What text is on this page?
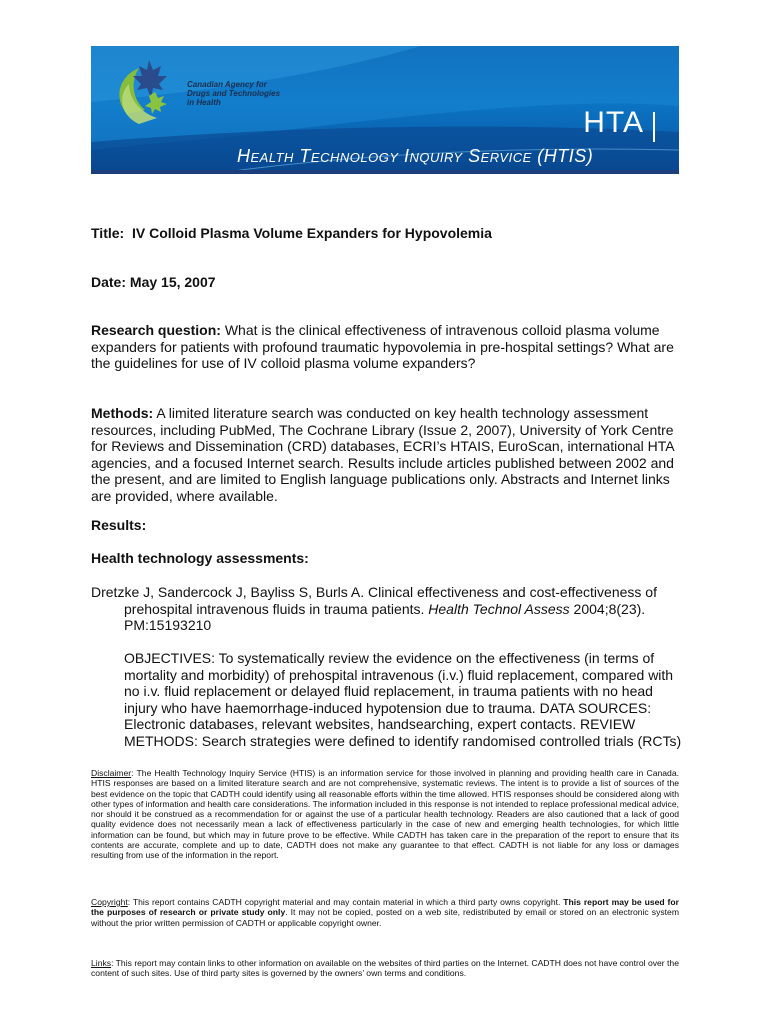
Canadian Agency for
Drugs and Technologies
in Health
HTA
Health Technology Inquiry Service (HTIS)
Title: IV Colloid Plasma Volume Expanders for Hypovolemia
Date: May 15, 2007
Research question: What is the clinical effectiveness of intravenous colloid plasma volume expanders for patients with profound traumatic hypovolemia in pre-hospital settings? What are the guidelines for use of IV colloid plasma volume expanders?
Methods: A limited literature search was conducted on key health technology assessment resources, including PubMed, The Cochrane Library (Issue 2, 2007), University of York Centre for Reviews and Dissemination (CRD) databases, ECRI’s HTAIS, EuroScan, international HTA agencies, and a focused Internet search. Results include articles published between 2002 and the present, and are limited to English language publications only. Abstracts and Internet links are provided, where available.
Results:
Health technology assessments:
Dretzke J, Sandercock J, Bayliss S, Burls A. Clinical effectiveness and cost-effectiveness of
prehospital intravenous fluids in trauma patients. Health Technol Assess 2004;8(23).
PM:15193210
OBJECTIVES: To systematically review the evidence on the effectiveness (in terms of mortality and morbidity) of prehospital intravenous (i.v.) fluid replacement, compared with no i.v. fluid replacement or delayed fluid replacement, in trauma patients with no head injury who have haemorrhage-induced hypotension due to trauma. DATA SOURCES: Electronic databases, relevant websites, handsearching, expert contacts. REVIEW METHODS: Search strategies were defined to identify randomised controlled trials (RCTs)
Disclaimer: The Health Technology Inquiry Service (HTIS) is an information service for those involved in planning and providing health care in Canada. HTIS responses are based on a limited literature search and are not comprehensive, systematic reviews. The intent is to provide a list of sources of the best evidence on the topic that CADTH could identify using all reasonable efforts within the time allowed. HTIS responses should be considered along with other types of information and health care considerations. The information included in this response is not intended to replace professional medical advice, nor should it be construed as a recommendation for or against the use of a particular health technology. Readers are also cautioned that a lack of good quality evidence does not necessarily mean a lack of effectiveness particularly in the case of new and emerging health technologies, for which little information can be found, but which may in future prove to be effective. While CADTH has taken care in the preparation of the report to ensure that its contents are accurate, complete and up to date, CADTH does not make any guarantee to that effect. CADTH is not liable for any loss or damages resulting from use of the information in the report.
Copyright: This report contains CADTH copyright material and may contain material in which a third party owns copyright. This report may be used for the purposes of research or private study only. It may not be copied, posted on a web site, redistributed by email or stored on an electronic system without the prior written permission of CADTH or applicable copyright owner.
Links: This report may contain links to other information on available on the websites of third parties on the Internet. CADTH does not have control over the content of such sites. Use of third party sites is governed by the owners’ own terms and conditions.
